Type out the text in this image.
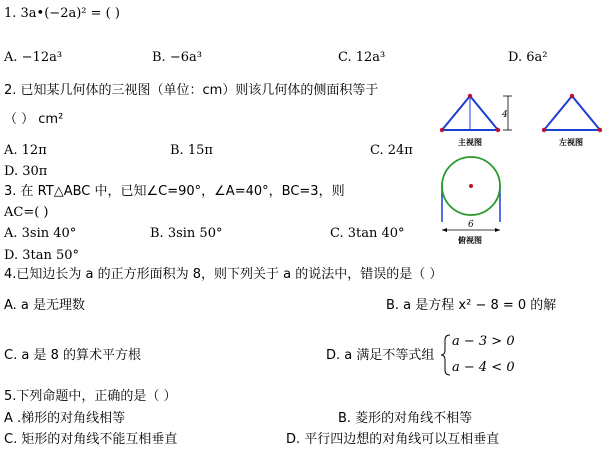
1. 3a•(−2a)² = ( )
A. −12a³	B. −6a³	C. 12a³	D. 6a²
2. 已知某几何体的三视图（单位：cm）则该几何体的侧面积等于
（ ） cm²
A. 12π	B. 15π	C. 24π
D. 30π
3. 在 RT△ABC 中，已知∠C=90°，∠A=40°，BC=3，则
AC=( )
A. 3sin 40°	B. 3sin 50°	C. 3tan 40°
D. 3tan 50°
4
主视图	左视图
6
俯视图
4.已知边长为 a 的正方形面积为 8，则下列关于 a 的说法中，错误的是（ ）
A. a 是无理数	B. a 是方程 x² − 8 = 0 的解
C. a 是 8 的算术平方根	D. a 满足不等式组
a − 3 > 0
a − 4 < 0
5.下列命题中，正确的是（ ）
A .梯形的对角线相等	B. 菱形的对角线不相等
C. 矩形的对角线不能互相垂直	D. 平行四边想的对角线可以互相垂直
